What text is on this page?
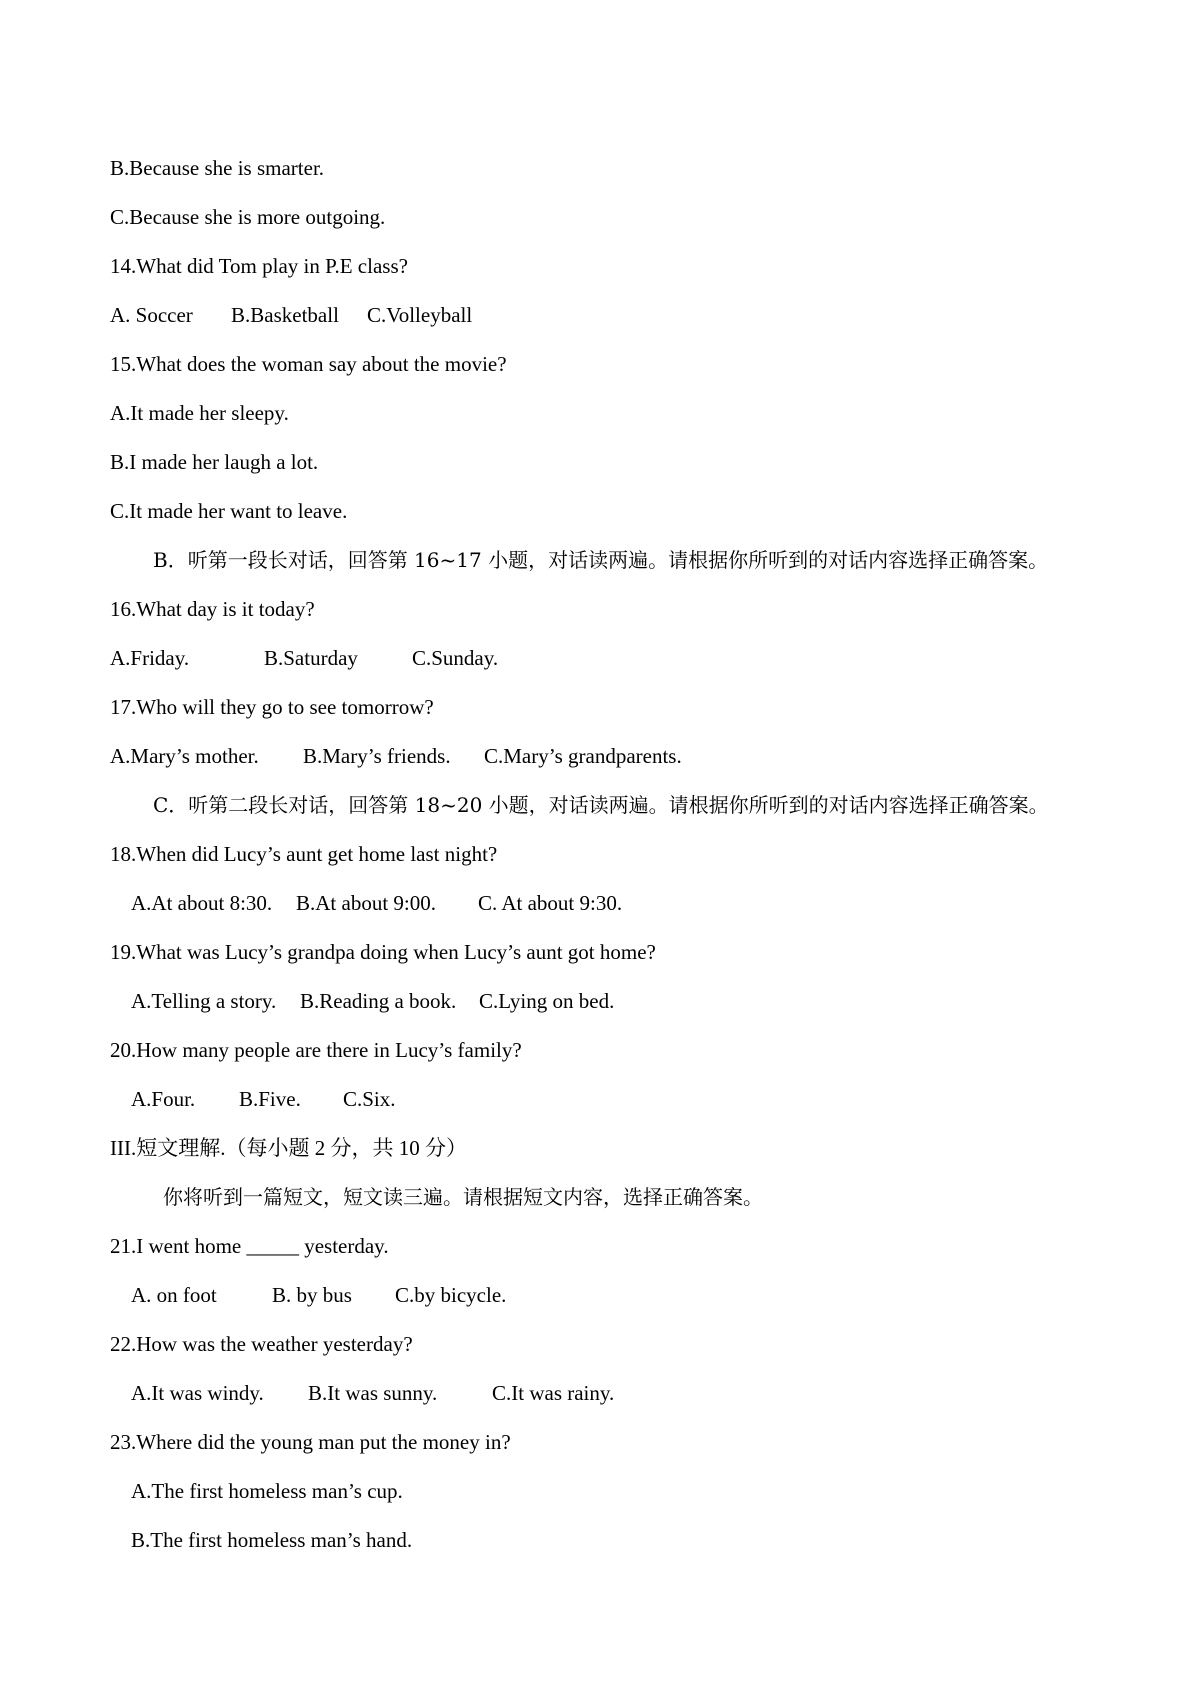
B.Because she is smarter.
C.Because she is more outgoing.
14.What did Tom play in P.E class?

A. Soccer

B.Basketball

C.Volleyball

15.What does the woman say about the movie?
A.It made her sleepy.
B.I made her laugh a lot.
C.It made her want to leave.
B．听第一段长对话，回答第 16~17 小题，对话读两遍。请根据你所听到的对话内容选择正确答案。
16.What day is it today?

A.Friday.

	B.Saturday

	C.Sunday.

17.Who will they go to see tomorrow?

A.Mary’s mother.

B.Mary’s friends.

C.Mary’s grandparents.

C．听第二段长对话，回答第 18~20 小题，对话读两遍。请根据你所听到的对话内容选择正确答案。
18.When did Lucy’s aunt get home last night?

A.At about 8:30.

B.At about 9:00.

C. At about 9:30.

19.What was Lucy’s grandpa doing when Lucy’s aunt got home?

A.Telling a story.

B.Reading a book.

C.Lying on bed.

20.How many people are there in Lucy’s family?

A.Four.

B.Five.

C.Six.

III.短文理解.（每小题 2 分，共 10 分）
你将听到一篇短文，短文读三遍。请根据短文内容，选择正确答案。
21.I went home _____ yesterday.

A. on foot

	B. by bus

C.by bicycle.

22.How was the weather yesterday?

A.It was windy.

B.It was sunny.

	C.It was rainy.

23.Where did the young man put the money in?
A.The first homeless man’s cup.
B.The first homeless man’s hand.
